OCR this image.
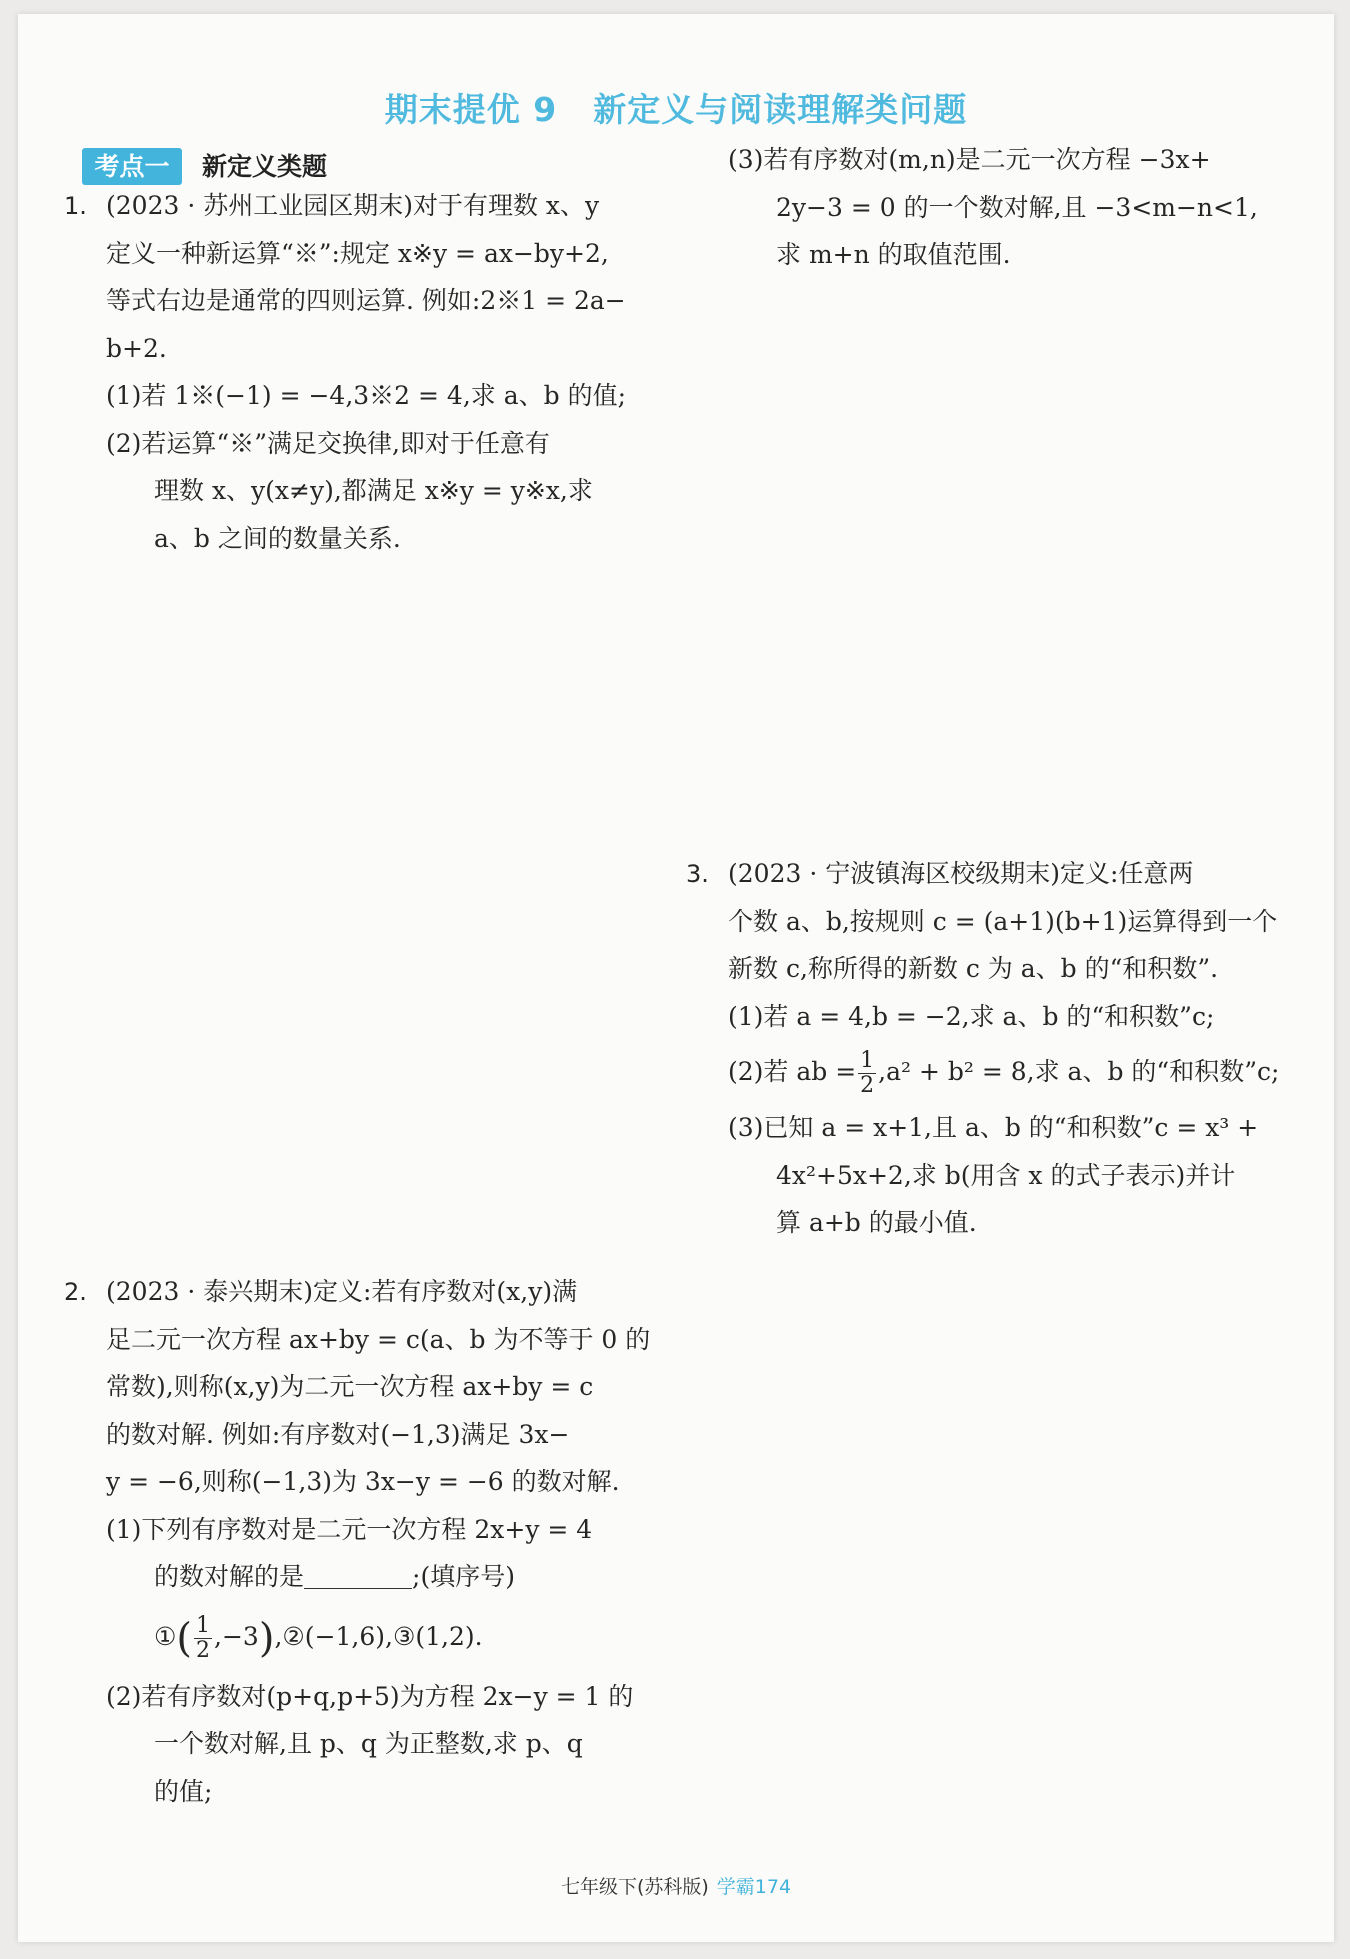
期末提优 9 新定义与阅读理解类问题
考点一	新定义类题
1. (2023 · 苏州工业园区期末)对于有理数 x、y
定义一种新运算“※”:规定 x※y = ax−by+2,
等式右边是通常的四则运算. 例如:2※1 = 2a−
b+2.
(1)若 1※(−1) = −4,3※2 = 4,求 a、b 的值;
(2)若运算“※”满足交换律,即对于任意有
理数 x、y(x≠y),都满足 x※y = y※x,求
a、b 之间的数量关系.
(3)若有序数对(m,n)是二元一次方程 −3x+
2y−3 = 0 的一个数对解,且 −3<m−n<1,
求 m+n 的取值范围.
3. (2023 · 宁波镇海区校级期末)定义:任意两
个数 a、b,按规则 c = (a+1)(b+1)运算得到一个
新数 c,称所得的新数 c 为 a、b 的“和积数”.
(1)若 a = 4,b = −2,求 a、b 的“和积数”c;
(2)若 ab = $\frac{1}{2} ,a^2 + b^2 = 8$,求 a、b 的“和积数”c;
(3)已知 a = x+1,且 a、b 的“和积数”c = x³ +
4x²+5x+2,求 b(用含 x 的式子表示)并计
算 a+b 的最小值.
2. (2023 · 泰兴期末)定义:若有序数对(x,y)满
足二元一次方程 ax+by = c(a、b 为不等于 0 的
常数),则称(x,y)为二元一次方程 ax+by = c
的数对解. 例如:有序数对(−1,3)满足 3x−
y = −6,则称(−1,3)为 3x−y = −6 的数对解.
(1)下列有序数对是二元一次方程 2x+y = 4
的数对解的是	;(填序号)
①( $\frac{1}{2}$ ,−3),②(−1,6),③(1,2).
(2)若有序数对(p+q,p+5)为方程 2x−y = 1 的
一个数对解,且 p、q 为正整数,求 p、q
的值;
七年级下(苏科版) 学霸174
